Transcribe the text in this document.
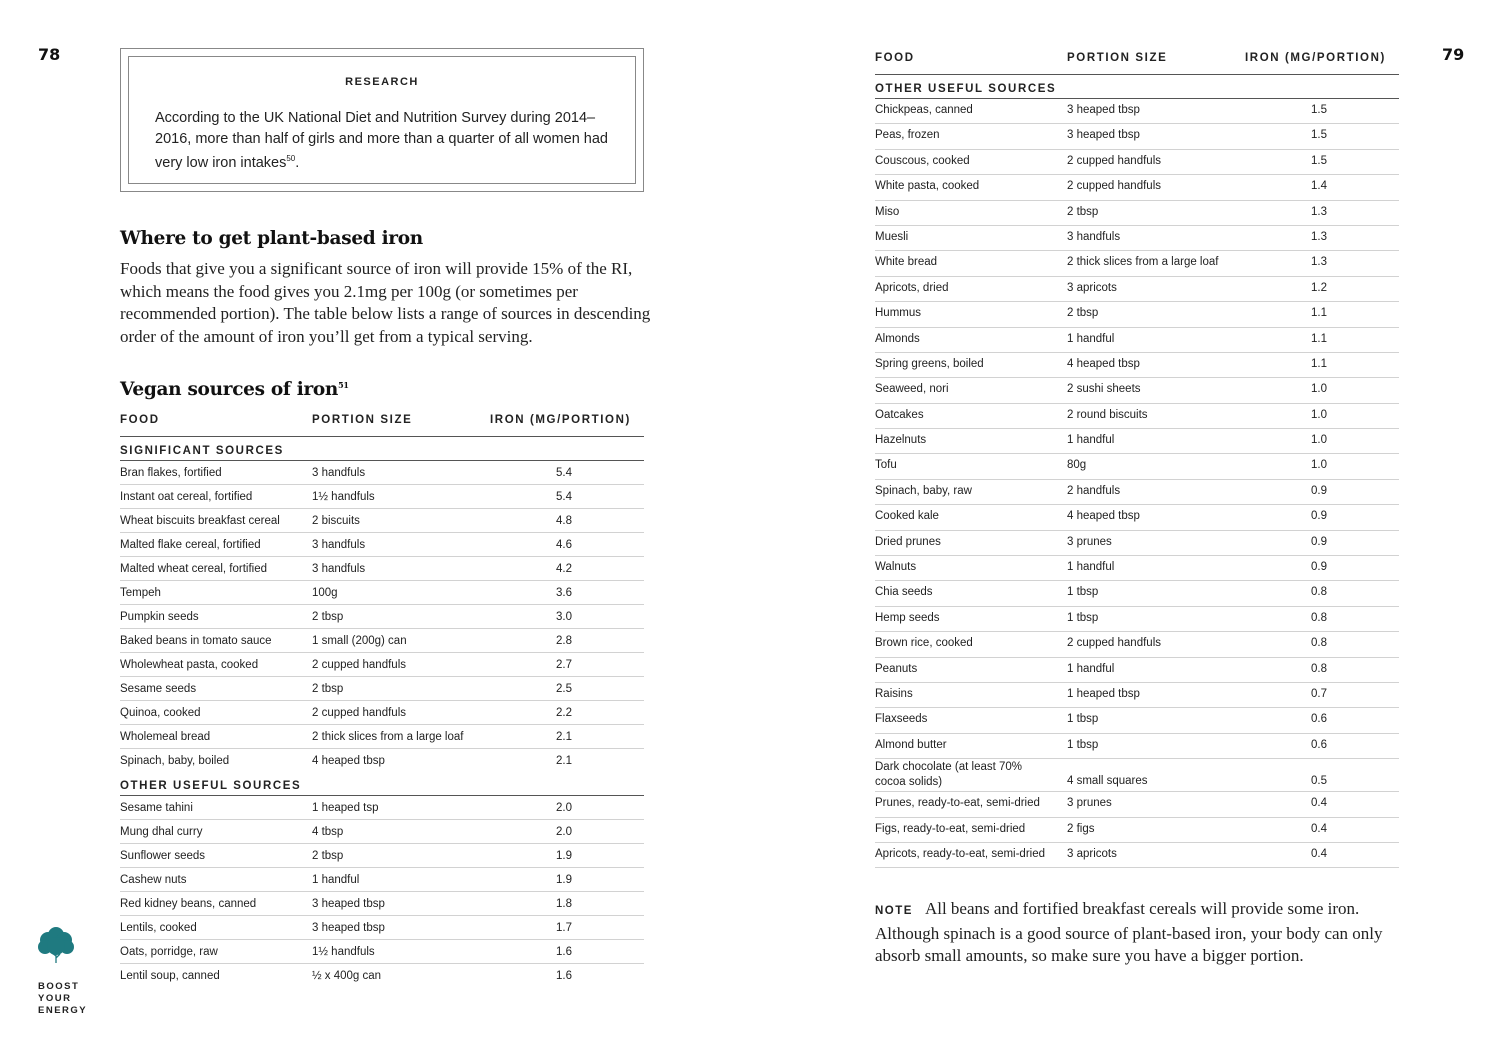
78	79
RESEARCH
According to the UK National Diet and Nutrition Survey during 2014–2016, more than half of girls and more than a quarter of all women had very low iron intakes$^{50}$.
Where to get plant-based iron
Foods that give you a significant source of iron will provide 15% of the RI, which means the food gives you 2.1mg per 100g (or sometimes per recommended portion). The table below lists a range of sources in descending order of the amount of iron you’ll get from a typical serving.
Vegan sources of iron$^{51}$
FOOD	PORTION SIZE	IRON (MG/PORTION)
SIGNIFICANT SOURCES
Bran flakes, fortified	3 handfuls	5.4
Instant oat cereal, fortified	1½ handfuls	5.4
Wheat biscuits breakfast cereal	2 biscuits	4.8
Malted flake cereal, fortified	3 handfuls	4.6
Malted wheat cereal, fortified	3 handfuls	4.2
Tempeh	100g	3.6
Pumpkin seeds	2 tbsp	3.0
Baked beans in tomato sauce	1 small (200g) can	2.8
Wholewheat pasta, cooked	2 cupped handfuls	2.7
Sesame seeds	2 tbsp	2.5
Quinoa, cooked	2 cupped handfuls	2.2
Wholemeal bread	2 thick slices from a large loaf	2.1
Spinach, baby, boiled	4 heaped tbsp	2.1
OTHER USEFUL SOURCES
Sesame tahini	1 heaped tsp	2.0
Mung dhal curry	4 tbsp	2.0
Sunflower seeds	2 tbsp	1.9
Cashew nuts	1 handful	1.9
Red kidney beans, canned	3 heaped tbsp	1.8
Lentils, cooked	3 heaped tbsp	1.7
Oats, porridge, raw	1½ handfuls	1.6
Lentil soup, canned	½ x 400g can	1.6
FOOD	PORTION SIZE	IRON (MG/PORTION)
OTHER USEFUL SOURCES
Chickpeas, canned	3 heaped tbsp	1.5
Peas, frozen	3 heaped tbsp	1.5
Couscous, cooked	2 cupped handfuls	1.5
White pasta, cooked	2 cupped handfuls	1.4
Miso	2 tbsp	1.3
Muesli	3 handfuls	1.3
White bread	2 thick slices from a large loaf	1.3
Apricots, dried	3 apricots	1.2
Hummus	2 tbsp	1.1
Almonds	1 handful	1.1
Spring greens, boiled	4 heaped tbsp	1.1
Seaweed, nori	2 sushi sheets	1.0
Oatcakes	2 round biscuits	1.0
Hazelnuts	1 handful	1.0
Tofu	80g	1.0
Spinach, baby, raw	2 handfuls	0.9
Cooked kale	4 heaped tbsp	0.9
Dried prunes	3 prunes	0.9
Walnuts	1 handful	0.9
Chia seeds	1 tbsp	0.8
Hemp seeds	1 tbsp	0.8
Brown rice, cooked	2 cupped handfuls	0.8
Peanuts	1 handful	0.8
Raisins	1 heaped tbsp	0.7
Flaxseeds	1 tbsp	0.6
Almond butter	1 tbsp	0.6
Dark chocolate (at least 70% cocoa solids)	4 small squares	0.5
Prunes, ready-to-eat, semi-dried 3 prunes	0.4
Figs, ready-to-eat, semi-dried	2 figs	0.4
Apricots, ready-to-eat, semi-dried 3 apricots	0.4
NOTE All beans and fortified breakfast cereals will provide some iron. Although spinach is a good source of plant-based iron, your body can only absorb small amounts, so make sure you have a bigger portion.
BOOST
YOUR
ENERGY
